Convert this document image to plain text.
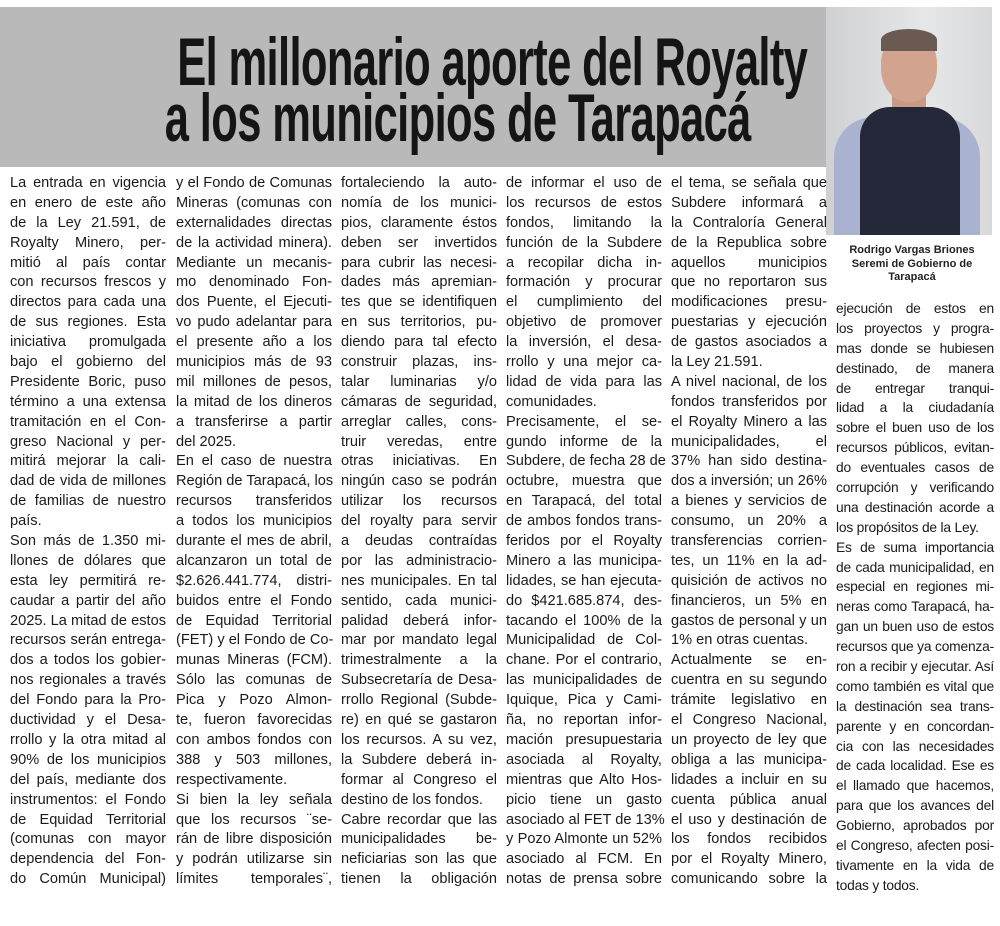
El millonario aporte del Royalty
a los municipios de Tarapacá
Rodrigo Vargas Briones
Seremi de Gobierno de
Tarapacá
La entrada en vigencia
en enero de este año
de la Ley 21.591, de
Royalty Minero, per-
mitió al país contar
con recursos frescos y
directos para cada una
de sus regiones. Esta
iniciativa promulgada
bajo el gobierno del
Presidente Boric, puso
término a una extensa
tramitación en el Con-
greso Nacional y per-
mitirá mejorar la cali-
dad de vida de millones
de familias de nuestro
país.
Son más de 1.350 mi-
llones de dólares que
esta ley permitirá re-
caudar a partir del año
2025. La mitad de estos
recursos serán entrega-
dos a todos los gobier-
nos regionales a través
del Fondo para la Pro-
ductividad y el Desa-
rrollo y la otra mitad al
90% de los municipios
del país, mediante dos
instrumentos: el Fondo
de Equidad Territorial
(comunas con mayor
dependencia del Fon-
do Común Municipal)
y el Fondo de Comunas
Mineras (comunas con
externalidades directas
de la actividad minera).
Mediante un mecanis-
mo denominado Fon-
dos Puente, el Ejecuti-
vo pudo adelantar para
el presente año a los
municipios más de 93
mil millones de pesos,
la mitad de los dineros
a transferirse a partir
del 2025.
En el caso de nuestra
Región de Tarapacá, los
recursos transferidos
a todos los municipios
durante el mes de abril,
alcanzaron un total de
$2.626.441.774, distri-
buidos entre el Fondo
de Equidad Territorial
(FET) y el Fondo de Co-
munas Mineras (FCM).
Sólo las comunas de
Pica y Pozo Almon-
te, fueron favorecidas
con ambos fondos con
388 y 503 millones,
respectivamente.
Si bien la ley señala
que los recursos ¨se-
rán de libre disposición
y podrán utilizarse sin
límites temporales¨,
fortaleciendo la auto-
nomía de los munici-
pios, claramente éstos
deben ser invertidos
para cubrir las necesi-
dades más apremian-
tes que se identifiquen
en sus territorios, pu-
diendo para tal efecto
construir plazas, ins-
talar luminarias y/o
cámaras de seguridad,
arreglar calles, cons-
truir veredas, entre
otras iniciativas. En
ningún caso se podrán
utilizar los recursos
del royalty para servir
a deudas contraídas
por las administracio-
nes municipales. En tal
sentido, cada munici-
palidad deberá infor-
mar por mandato legal
trimestralmente a la
Subsecretaría de Desa-
rrollo Regional (Subde-
re) en qué se gastaron
los recursos. A su vez,
la Subdere deberá in-
formar al Congreso el
destino de los fondos.
Cabre recordar que las
municipalidades be-
neficiarias son las que
tienen la obligación
de informar el uso de
los recursos de estos
fondos, limitando la
función de la Subdere
a recopilar dicha in-
formación y procurar
el cumplimiento del
objetivo de promover
la inversión, el desa-
rrollo y una mejor ca-
lidad de vida para las
comunidades.
Precisamente, el se-
gundo informe de la
Subdere, de fecha 28 de
octubre, muestra que
en Tarapacá, del total
de ambos fondos trans-
feridos por el Royalty
Minero a las municipa-
lidades, se han ejecuta-
do $421.685.874, des-
tacando el 100% de la
Municipalidad de Col-
chane. Por el contrario,
las municipalidades de
Iquique, Pica y Cami-
ña, no reportan infor-
mación presupuestaria
asociada al Royalty,
mientras que Alto Hos-
picio tiene un gasto
asociado al FET de 13%
y Pozo Almonte un 52%
asociado al FCM. En
notas de prensa sobre
el tema, se señala que
Subdere informará a
la Contraloría General
de la Republica sobre
aquellos municipios
que no reportaron sus
modificaciones presu-
puestarias y ejecución
de gastos asociados a
la Ley 21.591.
A nivel nacional, de los
fondos transferidos por
el Royalty Minero a las
municipalidades, el
37% han sido destina-
dos a inversión; un 26%
a bienes y servicios de
consumo, un 20% a
transferencias corrien-
tes, un 11% en la ad-
quisición de activos no
financieros, un 5% en
gastos de personal y un
1% en otras cuentas.
Actualmente se en-
cuentra en su segundo
trámite legislativo en
el Congreso Nacional,
un proyecto de ley que
obliga a las municipa-
lidades a incluir en su
cuenta pública anual
el uso y destinación de
los fondos recibidos
por el Royalty Minero,
comunicando sobre la
ejecución de estos en
los proyectos y progra-
mas donde se hubiesen
destinado, de manera
de entregar tranqui-
lidad a la ciudadanía
sobre el buen uso de los
recursos públicos, evitan-
do eventuales casos de
corrupción y verificando
una destinación acorde a
los propósitos de la Ley.
Es de suma importancia
de cada municipalidad, en
especial en regiones mi-
neras como Tarapacá, ha-
gan un buen uso de estos
recursos que ya comenza-
ron a recibir y ejecutar. Así
como también es vital que
la destinación sea trans-
parente y en concordan-
cia con las necesidades
de cada localidad. Ese es
el llamado que hacemos,
para que los avances del
Gobierno, aprobados por
el Congreso, afecten posi-
tivamente en la vida de
todas y todos.
